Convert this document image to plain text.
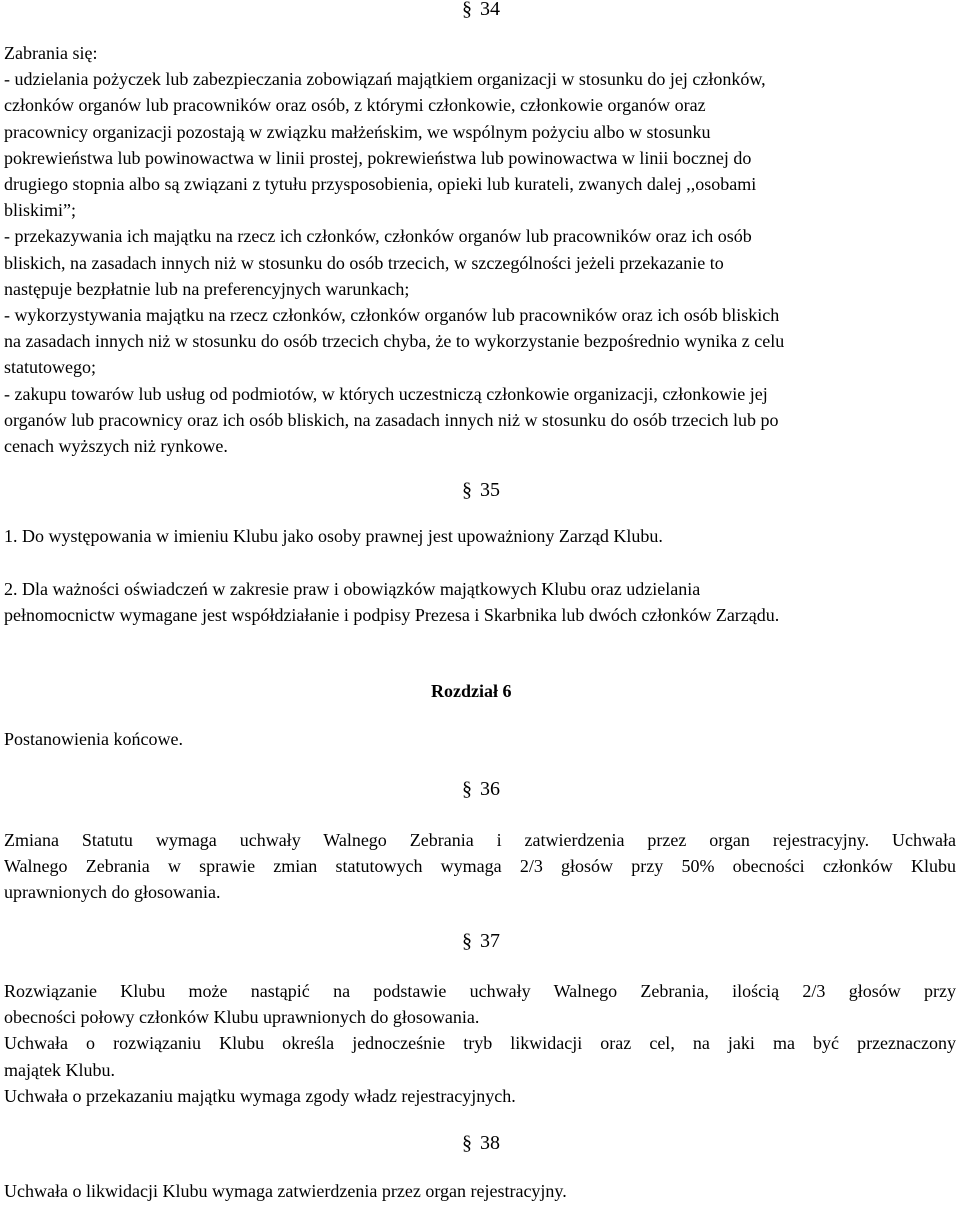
§ 34
Zabrania się:
- udzielania pożyczek lub zabezpieczania zobowiązań majątkiem organizacji w stosunku do jej członków,
członków organów lub pracowników oraz osób, z którymi członkowie, członkowie organów oraz
pracownicy organizacji pozostają w związku małżeńskim, we wspólnym pożyciu albo w stosunku
pokrewieństwa lub powinowactwa w linii prostej, pokrewieństwa lub powinowactwa w linii bocznej do
drugiego stopnia albo są związani z tytułu przysposobienia, opieki lub kurateli, zwanych dalej ,,osobami
bliskimi”;
- przekazywania ich majątku na rzecz ich członków, członków organów lub pracowników oraz ich osób
bliskich, na zasadach innych niż w stosunku do osób trzecich, w szczególności jeżeli przekazanie to
następuje bezpłatnie lub na preferencyjnych warunkach;
- wykorzystywania majątku na rzecz członków, członków organów lub pracowników oraz ich osób bliskich
na zasadach innych niż w stosunku do osób trzecich chyba, że to wykorzystanie bezpośrednio wynika z celu
statutowego;
- zakupu towarów lub usług od podmiotów, w których uczestniczą członkowie organizacji, członkowie jej
organów lub pracownicy oraz ich osób bliskich, na zasadach innych niż w stosunku do osób trzecich lub po
cenach wyższych niż rynkowe.
§ 35
1. Do występowania w imieniu Klubu jako osoby prawnej jest upoważniony Zarząd Klubu.
2. Dla ważności oświadczeń w zakresie praw i obowiązków majątkowych Klubu oraz udzielania
pełnomocnictw wymagane jest współdziałanie i podpisy Prezesa i Skarbnika lub dwóch członków Zarządu.
Rozdział 6
Postanowienia końcowe.
§ 36
Zmiana Statutu wymaga uchwały Walnego Zebrania i zatwierdzenia przez organ rejestracyjny. Uchwała
Walnego Zebrania w sprawie zmian statutowych wymaga 2/3 głosów przy 50% obecności członków Klubu
uprawnionych do głosowania.
§ 37
Rozwiązanie Klubu może nastąpić na podstawie uchwały Walnego Zebrania, ilością 2/3 głosów przy
obecności połowy członków Klubu uprawnionych do głosowania.
Uchwała o rozwiązaniu Klubu określa jednocześnie tryb likwidacji oraz cel, na jaki ma być przeznaczony
majątek Klubu.
Uchwała o przekazaniu majątku wymaga zgody władz rejestracyjnych.
§ 38
Uchwała o likwidacji Klubu wymaga zatwierdzenia przez organ rejestracyjny.
